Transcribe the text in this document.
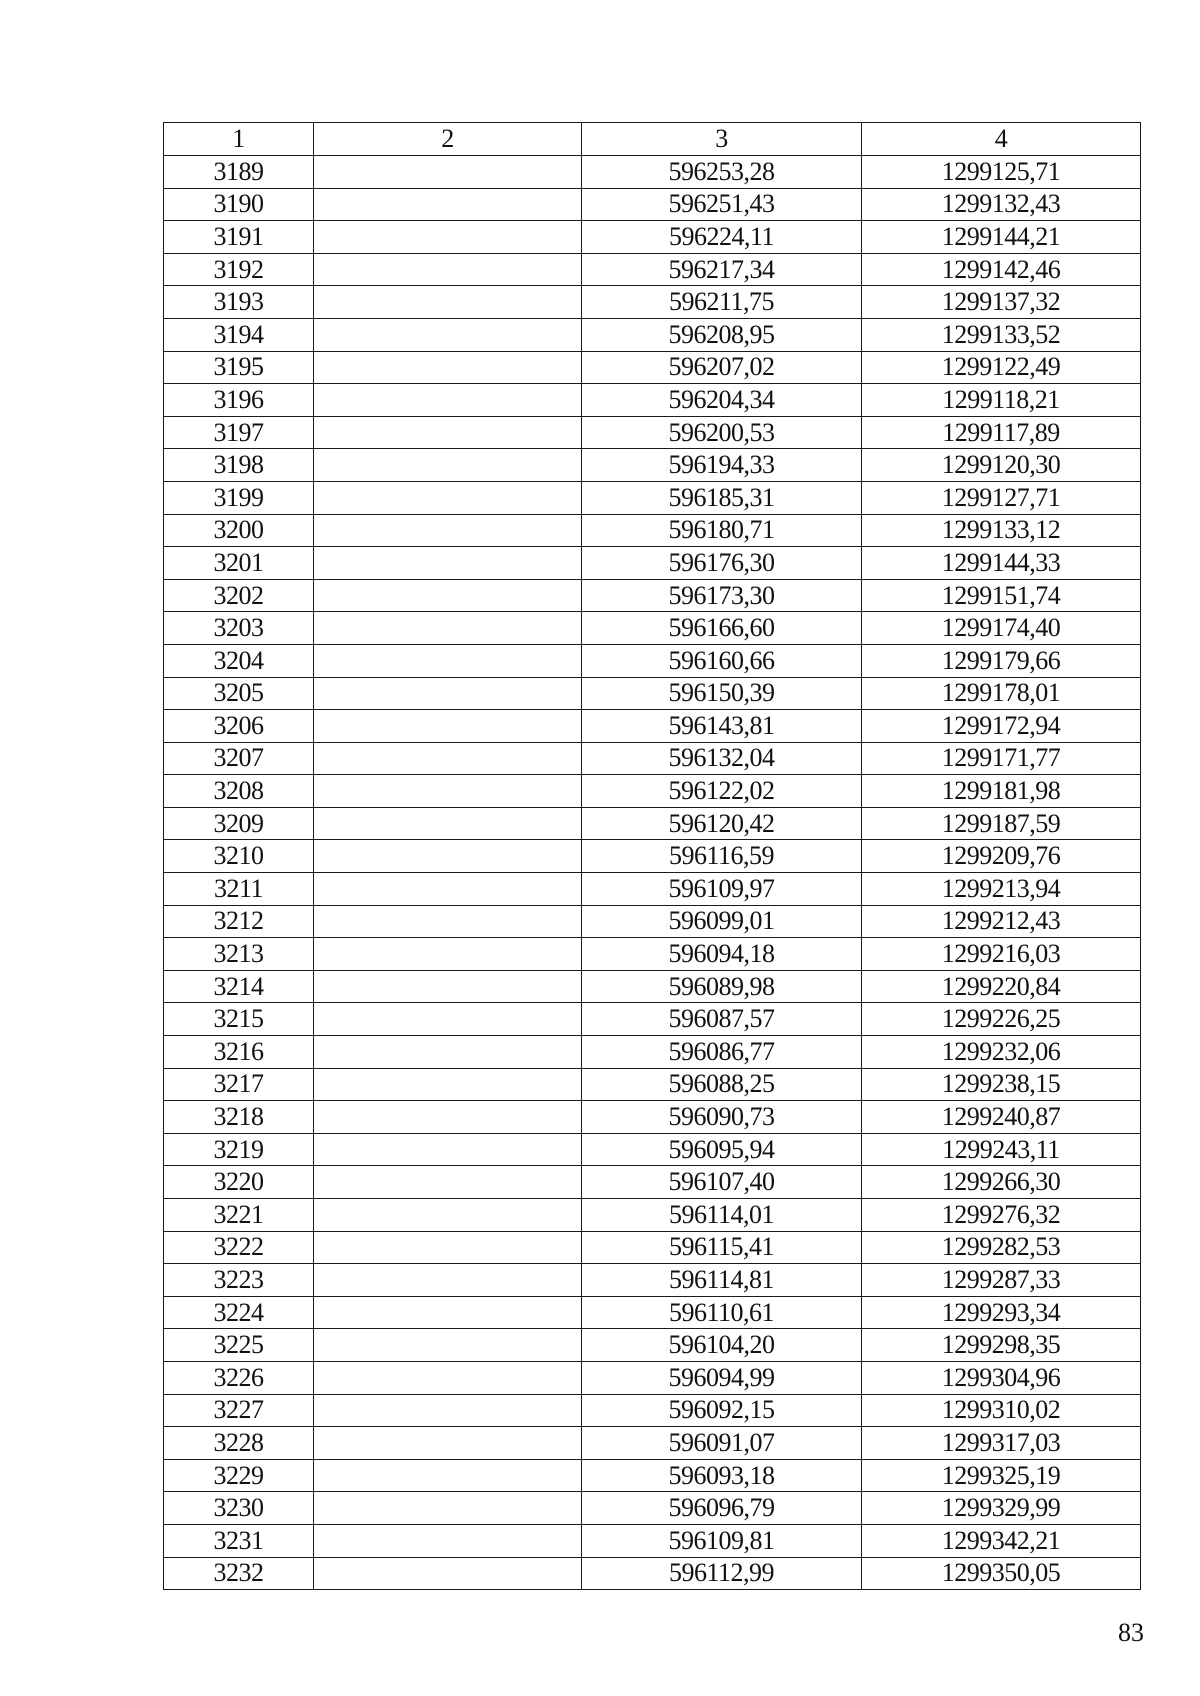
1	2	3	4
3189		596253,28	1299125,71
3190		596251,43	1299132,43
3191		596224,11	1299144,21
3192		596217,34	1299142,46
3193		596211,75	1299137,32
3194		596208,95	1299133,52
3195		596207,02	1299122,49
3196		596204,34	1299118,21
3197		596200,53	1299117,89
3198		596194,33	1299120,30
3199		596185,31	1299127,71
3200		596180,71	1299133,12
3201		596176,30	1299144,33
3202		596173,30	1299151,74
3203		596166,60	1299174,40
3204		596160,66	1299179,66
3205		596150,39	1299178,01
3206		596143,81	1299172,94
3207		596132,04	1299171,77
3208		596122,02	1299181,98
3209		596120,42	1299187,59
3210		596116,59	1299209,76
3211		596109,97	1299213,94
3212		596099,01	1299212,43
3213		596094,18	1299216,03
3214		596089,98	1299220,84
3215		596087,57	1299226,25
3216		596086,77	1299232,06
3217		596088,25	1299238,15
3218		596090,73	1299240,87
3219		596095,94	1299243,11
3220		596107,40	1299266,30
3221		596114,01	1299276,32
3222		596115,41	1299282,53
3223		596114,81	1299287,33
3224		596110,61	1299293,34
3225		596104,20	1299298,35
3226		596094,99	1299304,96
3227		596092,15	1299310,02
3228		596091,07	1299317,03
3229		596093,18	1299325,19
3230		596096,79	1299329,99
3231		596109,81	1299342,21
3232		596112,99	1299350,05
83
